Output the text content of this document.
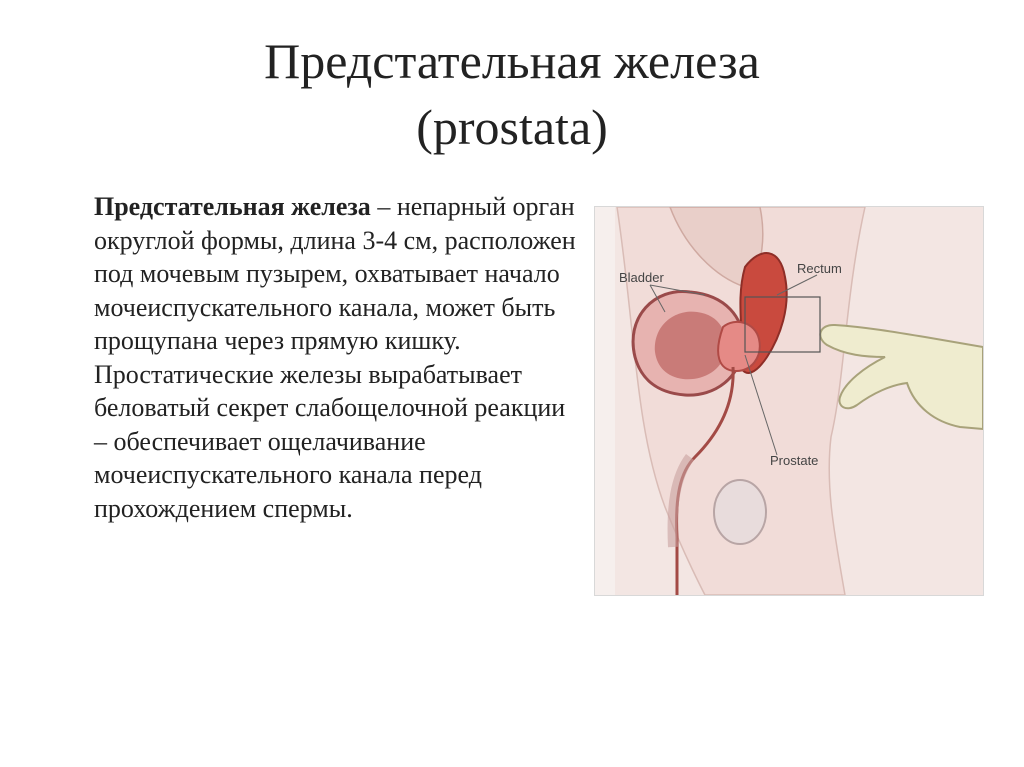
Предстательная железа
(prostata)
Предстательная железа – непарный орган округлой формы, длина 3-4 см, расположен под мочевым пузырем, охватывает начало мочеиспускательного канала, может быть прощупана через прямую кишку. Простатические железы вырабатывает беловатый секрет слабощелочной реакции – обеспечивает ощелачивание мочеиспускательного канала перед прохождением спермы.
Bladder
Rectum
Prostate
